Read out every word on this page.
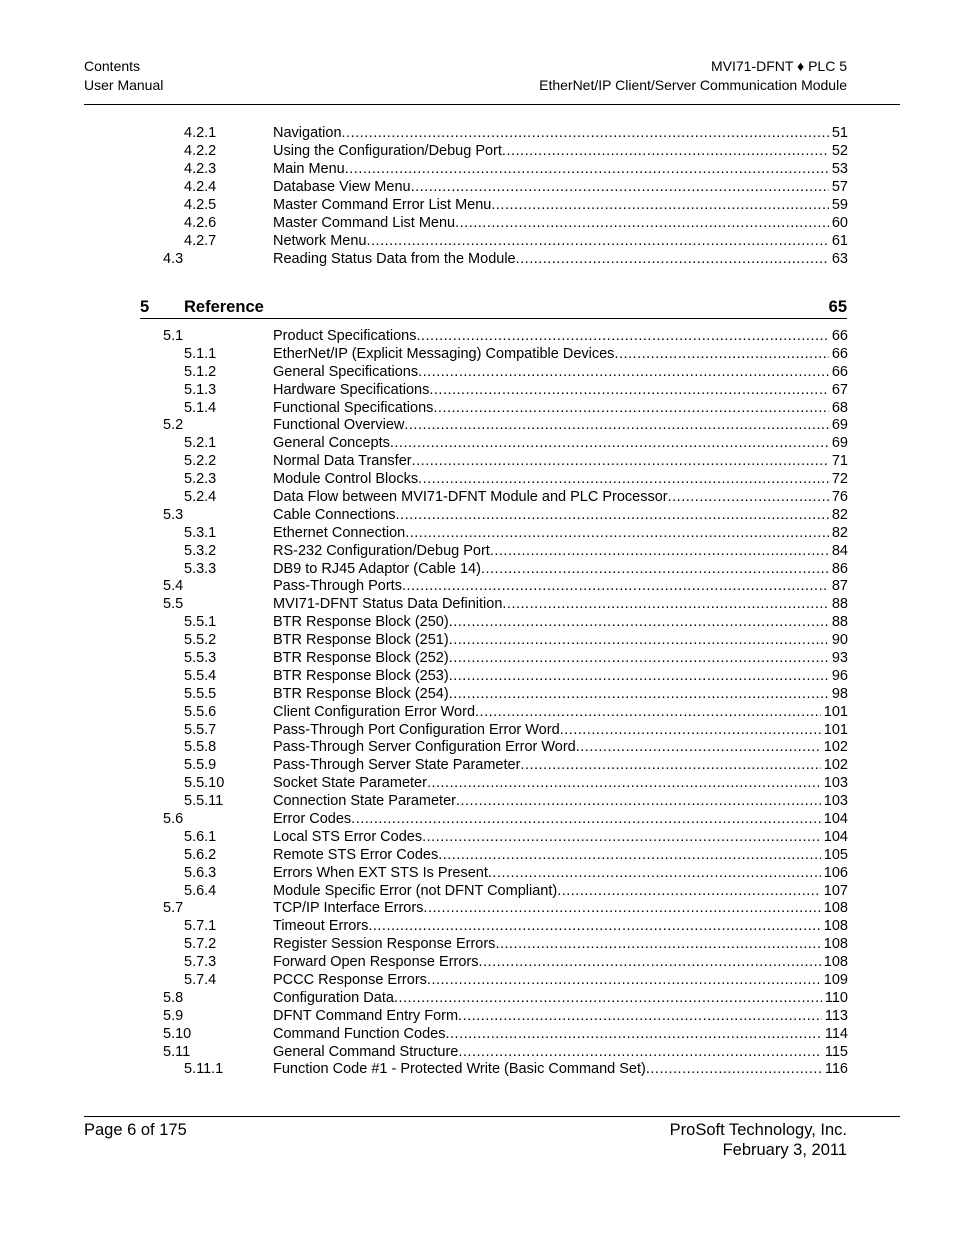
Contents
User Manual
MVI71-DFNT ♦ PLC 5
EtherNet/IP Client/Server Communication Module
4.2.1	Navigation .....	51
4.2.2	Using the Configuration/Debug Port .....	52
4.2.3	Main Menu .....	53
4.2.4	Database View Menu .....	57
4.2.5	Master Command Error List Menu .....	59
4.2.6	Master Command List Menu .....	60
4.2.7	Network Menu .....	61
4.3	Reading Status Data from the Module .....	63
5 Reference	65
5.1	Product Specifications .....	66
5.1.1	EtherNet/IP (Explicit Messaging) Compatible Devices .....	66
5.1.2	General Specifications .....	66
5.1.3	Hardware Specifications .....	67
5.1.4	Functional Specifications .....	68
5.2	Functional Overview .....	69
5.2.1	General Concepts .....	69
5.2.2	Normal Data Transfer .....	71
5.2.3	Module Control Blocks .....	72
5.2.4	Data Flow between MVI71-DFNT Module and PLC Processor .....	76
5.3	Cable Connections .....	82
5.3.1	Ethernet Connection .....	82
5.3.2	RS-232 Configuration/Debug Port .....	84
5.3.3	DB9 to RJ45 Adaptor (Cable 14) .....	86
5.4	Pass-Through Ports .....	87
5.5	MVI71-DFNT Status Data Definition .....	88
5.5.1	BTR Response Block (250) .....	88
5.5.2	BTR Response Block (251) .....	90
5.5.3	BTR Response Block (252) .....	93
5.5.4	BTR Response Block (253) .....	96
5.5.5	BTR Response Block (254) .....	98
5.5.6	Client Configuration Error Word .....	101
5.5.7	Pass-Through Port Configuration Error Word .....	101
5.5.8	Pass-Through Server Configuration Error Word .....	102
5.5.9	Pass-Through Server State Parameter .....	102
5.5.10	Socket State Parameter .....	103
5.5.11	Connection State Parameter .....	103
5.6	Error Codes .....	104
5.6.1	Local STS Error Codes .....	104
5.6.2	Remote STS Error Codes .....	105
5.6.3	Errors When EXT STS Is Present .....	106
5.6.4	Module Specific Error (not DFNT Compliant) .....	107
5.7	TCP/IP Interface Errors .....	108
5.7.1	Timeout Errors .....	108
5.7.2	Register Session Response Errors .....	108
5.7.3	Forward Open Response Errors .....	108
5.7.4	PCCC Response Errors .....	109
5.8	Configuration Data .....	110
5.9	DFNT Command Entry Form .....	113
5.10	Command Function Codes .....	114
5.11	General Command Structure .....	115
5.11.1	Function Code #1 - Protected Write (Basic Command Set) .....	116
Page 6 of 175	ProSoft Technology, Inc.
February 3, 2011
